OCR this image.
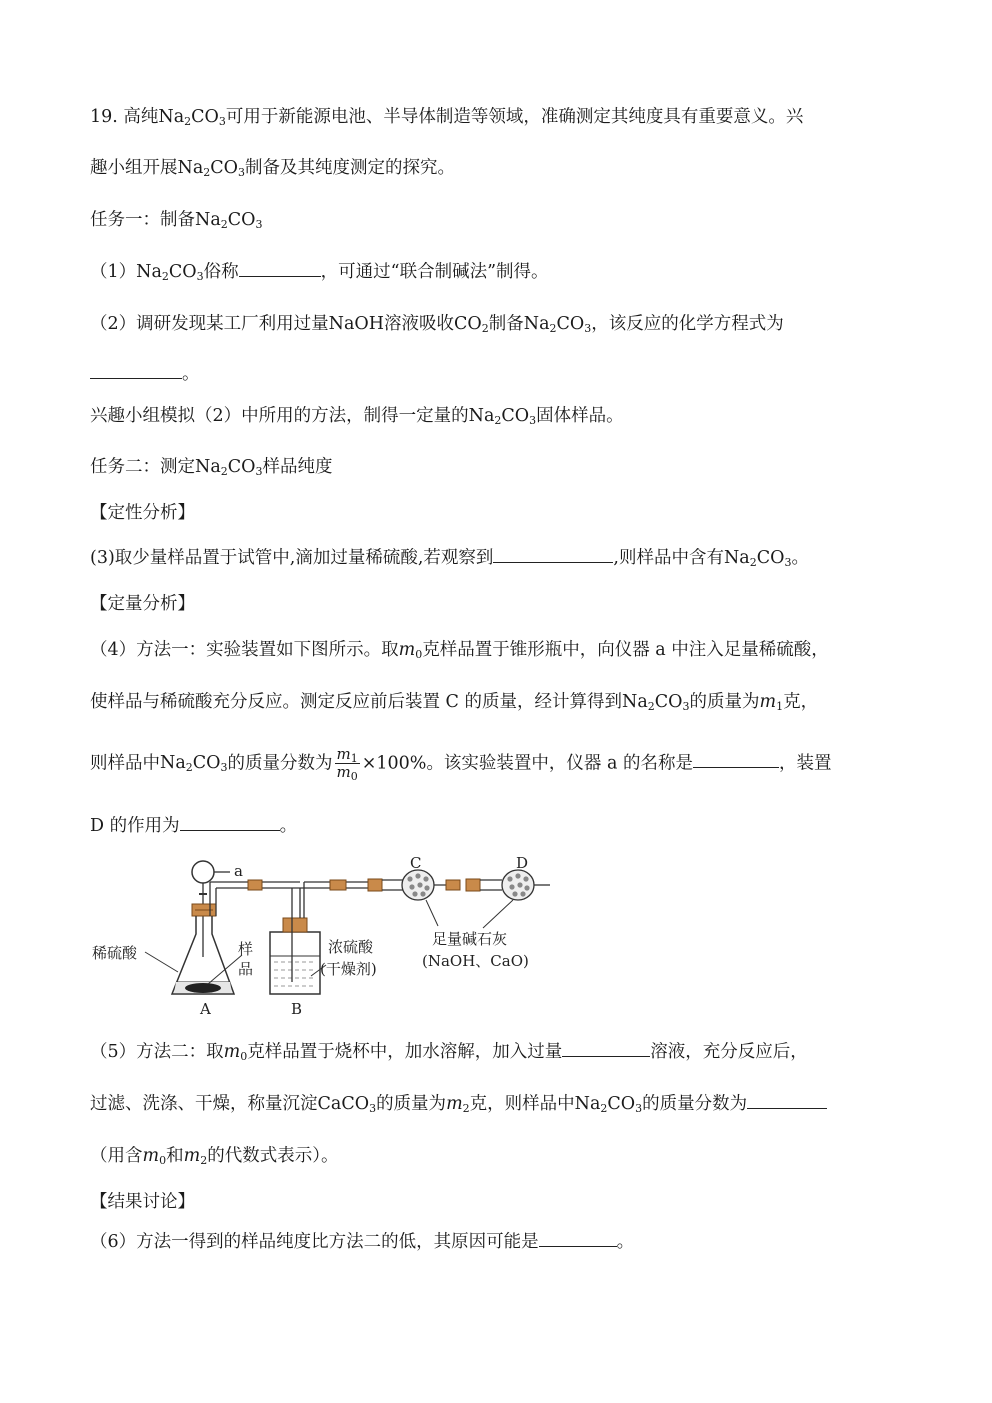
19. 高纯$Na_2CO_3$可用于新能源电池、半导体制造等领域，准确测定其纯度具有重要意义。兴
趣小组开展$Na_2CO_3$制备及其纯度测定的探究。
任务一：制备$Na_2CO_3$
$(1)Na_2CO_3$俗称	，可通过“联合制碱法”制得。
（2）调研发现某工厂利用过量NaOH溶液吸收$CO_2$制备$Na_2CO_3$，该反应的化学方程式为
。
兴趣小组模拟（2）中所用的方法，制得一定量的$Na_2CO_3$固体样品。
任务二：测定$Na_2CO_3$样品纯度
【定性分析】
(3)取少量样品置于试管中,滴加过量稀硫酸,若观察到	,则样品中含有$Na_2CO_3$。
【定量分析】
（4）方法一：实验装置如下图所示。取$m_0$克样品置于锥形瓶中，向仪器 a 中注入足量稀硫酸，
使样品与稀硫酸充分反应。测定反应前后装置 C 的质量，经计算得到$Na_2CO_3$的质量为$m_1$克，
则样品中$Na_2CO_3$的质量分数为 $\frac{m_1}{m_0} \times 100\%$。该实验装置中，仪器 a 的名称是	，装置
D 的作用为	。
a	C	D
稀硫酸	样
品
浓硫酸
(干燥剂)
足量碱石灰
(NaOH、CaO)
A	B
（5）方法二：取$m_0$克样品置于烧杯中，加水溶解，加入过量	溶液，充分反应后，
过滤、洗涤、干燥，称量沉淀CaCO$_3$的质量为$m_2$克，则样品中$Na_2CO_3$的质量分数为
（用含$m_0$和$m_2$的代数式表示）。
【结果讨论】
（6）方法一得到的样品纯度比方法二的低，其原因可能是	。
